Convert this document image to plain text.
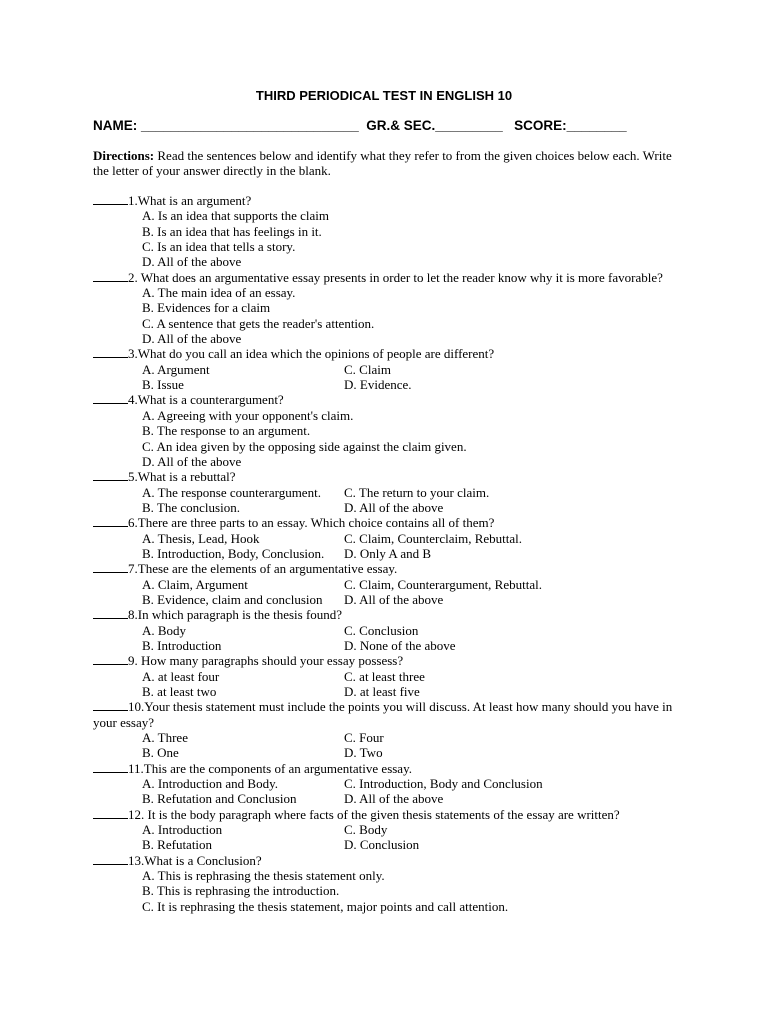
THIRD PERIODICAL TEST IN ENGLISH 10
NAME: _____________________________  GR.& SEC._________   SCORE:________
Directions: Read the sentences below and identify what they refer to from the given choices below each. Write the letter of your answer directly in the blank.
1.What is an argument?
A. Is an idea that supports the claim
B. Is an idea that has feelings in it.
C. Is an idea that tells a story.
D. All of the above
2. What does an argumentative essay presents in order to let the reader know why it is more favorable?
A. The main idea of an essay.
B. Evidences for a claim
C. A sentence that gets the reader's attention.
D. All of the above
3.What do you call an idea which the opinions of people are different?
A. Argument	C. Claim
B. Issue	D. Evidence.
4.What is a counterargument?
A. Agreeing with your opponent's claim.
B. The response to an argument.
C. An idea given by the opposing side against the claim given.
D. All of the above
5.What is a rebuttal?
A. The response counterargument.	C. The return to your claim.
B. The conclusion.	D. All of the above
6.There are three parts to an essay. Which choice contains all of them?
A. Thesis, Lead, Hook	C. Claim, Counterclaim, Rebuttal.
B. Introduction, Body, Conclusion.	D. Only A and B
7.These are the elements of an argumentative essay.
A. Claim, Argument	C. Claim, Counterargument, Rebuttal.
B. Evidence, claim and conclusion	D. All of the above
8.In which paragraph is the thesis found?
A. Body	C. Conclusion
B. Introduction	D. None of the above
9. How many paragraphs should your essay possess?
A. at least four	C. at least three
B. at least two	D. at least five
10.Your thesis statement must include the points you will discuss. At least how many should you have in your essay?
A. Three	C. Four
B. One	D. Two
11.This are the components of an argumentative essay.
A. Introduction and Body.	C. Introduction, Body and Conclusion
B. Refutation and Conclusion	D. All of the above
12. It is the body paragraph where facts of the given thesis statements of the essay are written?
A. Introduction	C. Body
B. Refutation	D. Conclusion
13.What is a Conclusion?
A. This is rephrasing the thesis statement only.
B. This is rephrasing the introduction.
C. It is rephrasing the thesis statement, major points and call attention.
